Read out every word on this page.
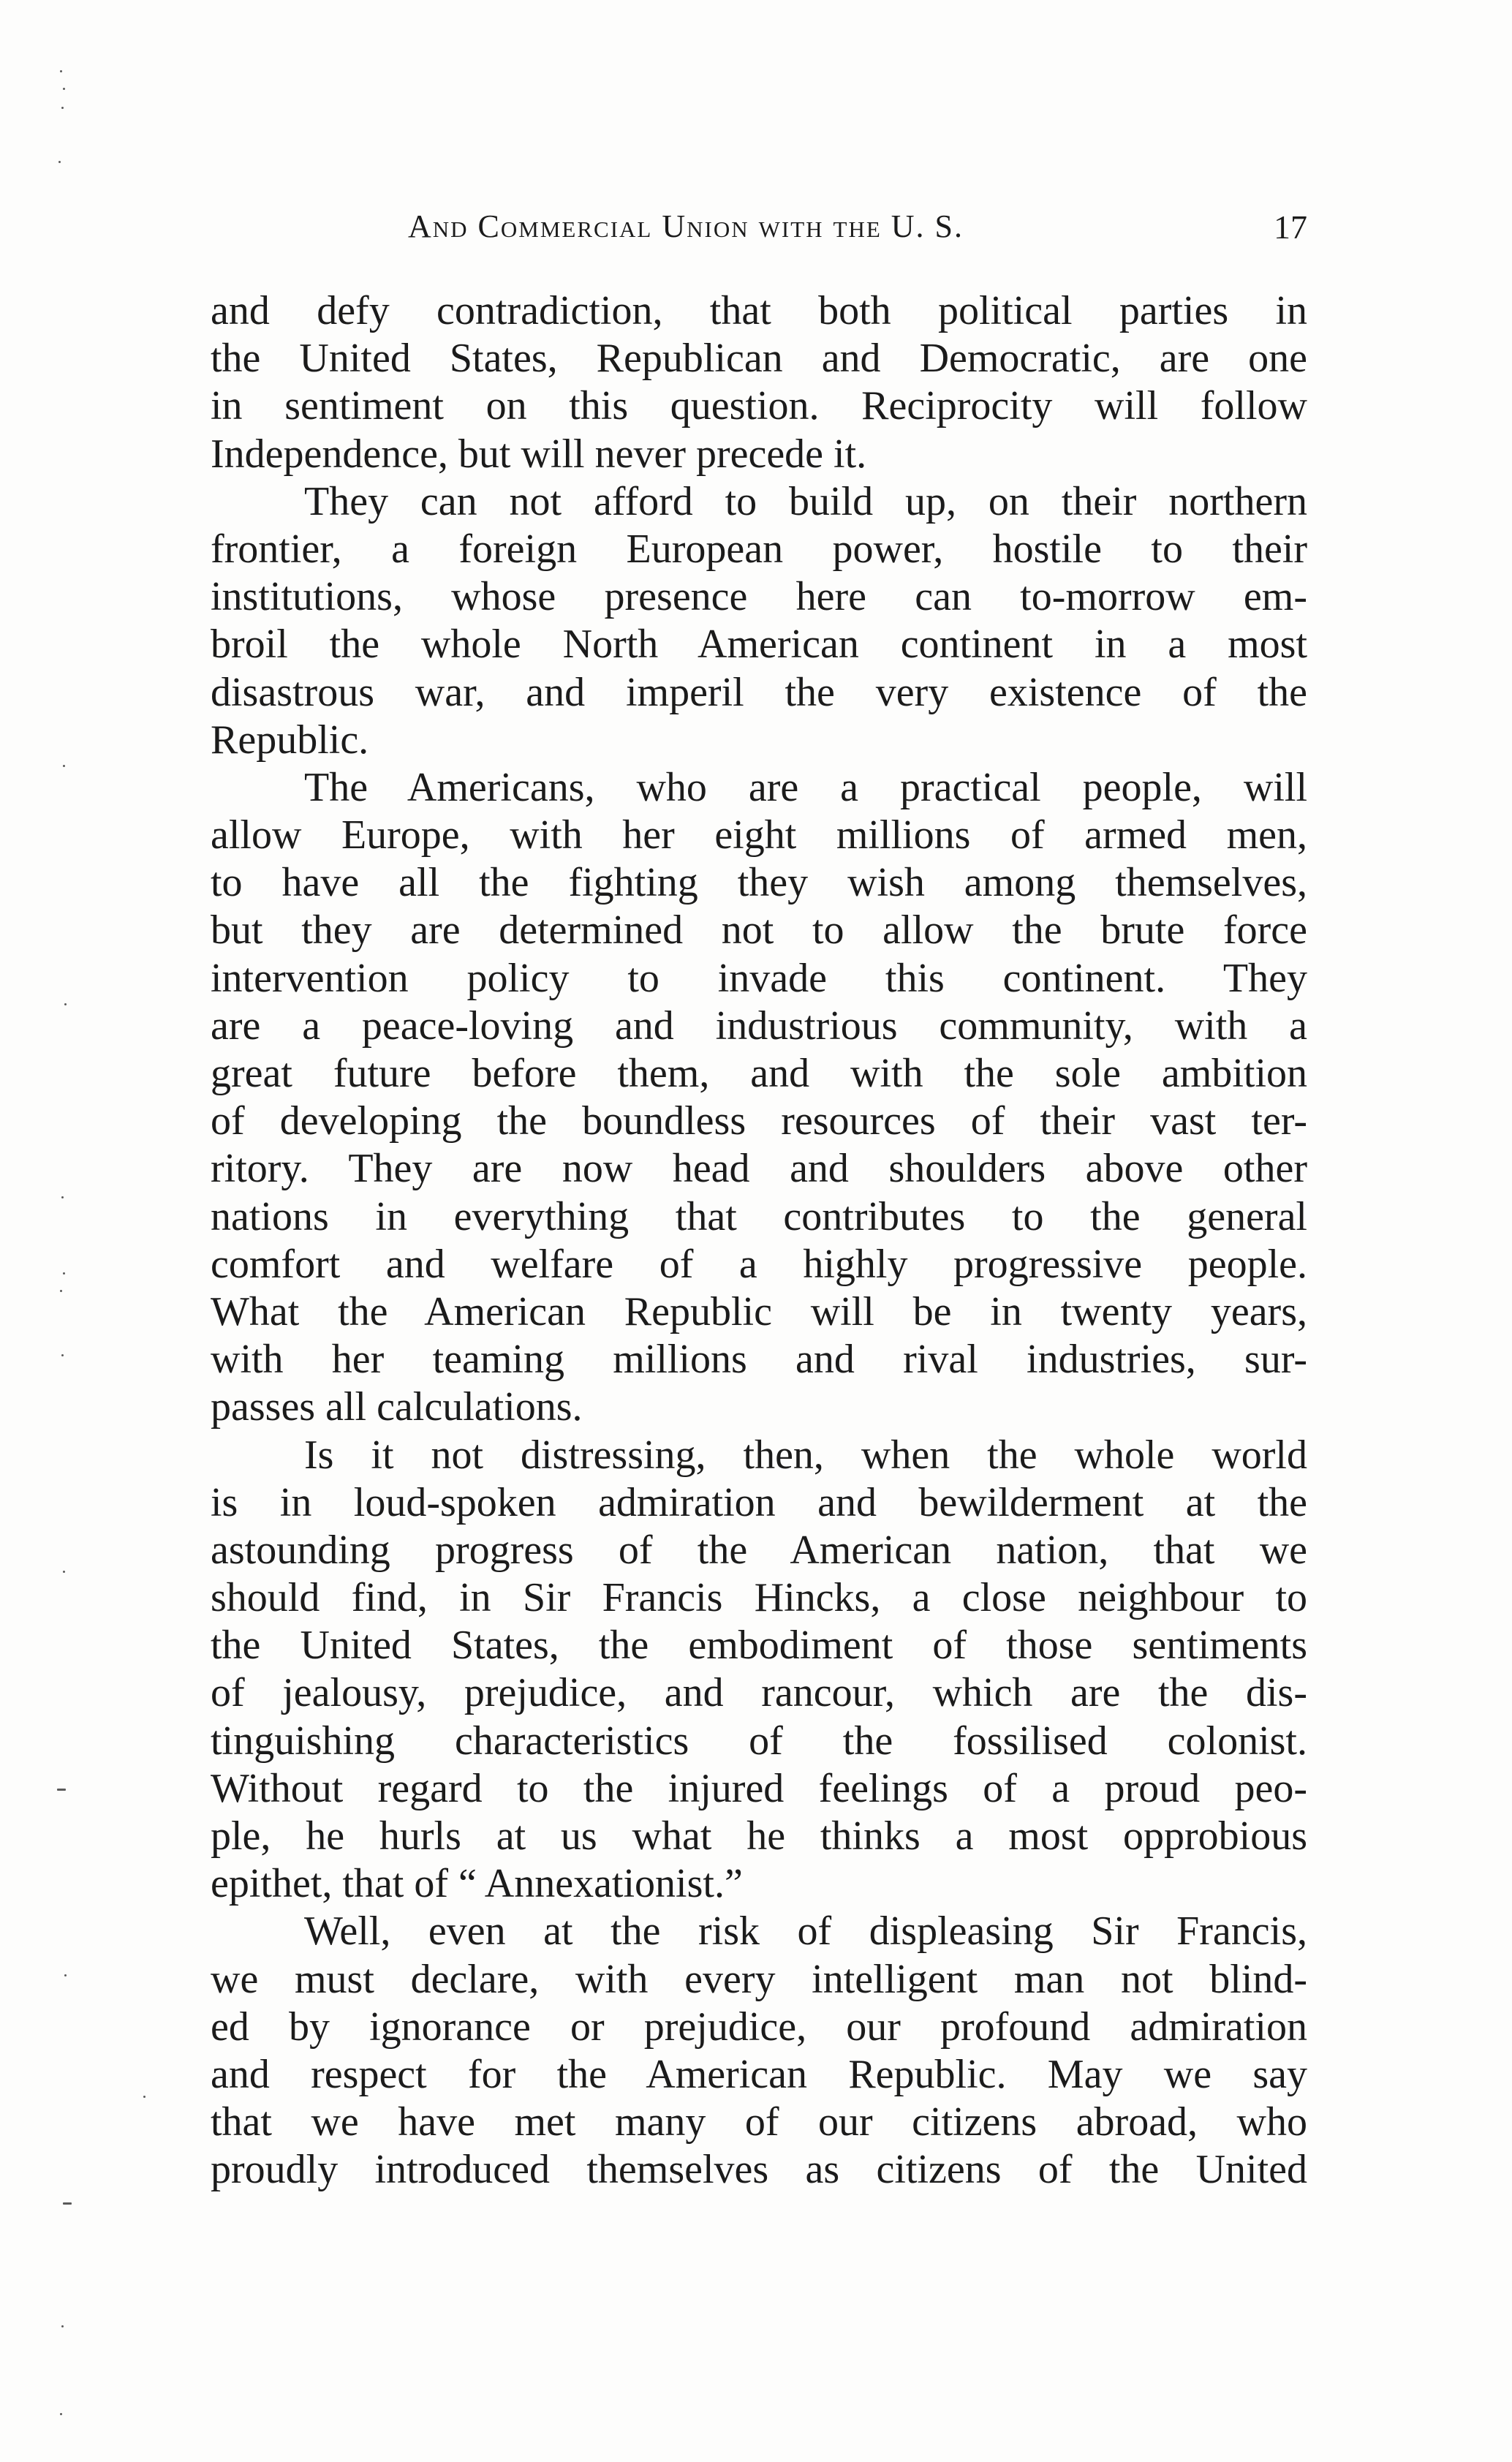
And Commercial Union with the U. S.	17
and defy contradiction, that both political parties in
the United States, Republican and Democratic, are one
in sentiment on this question. Reciprocity will follow
Independence, but will never precede it.
They can not afford to build up, on their northern
frontier, a foreign European power, hostile to their
institutions, whose presence here can to-morrow em-
broil the whole North American continent in a most
disastrous war, and imperil the very existence of the
Republic.
The Americans, who are a practical people, will
allow Europe, with her eight millions of armed men,
to have all the fighting they wish among themselves,
but they are determined not to allow the brute force
intervention policy to invade this continent. They
are a peace-loving and industrious community, with a
great future before them, and with the sole ambition
of developing the boundless resources of their vast ter-
ritory. They are now head and shoulders above other
nations in everything that contributes to the general
comfort and welfare of a highly progressive people.
What the American Republic will be in twenty years,
with her teaming millions and rival industries, sur-
passes all calculations.
Is it not distressing, then, when the whole world
is in loud-spoken admiration and bewilderment at the
astounding progress of the American nation, that we
should find, in Sir Francis Hincks, a close neighbour to
the United States, the embodiment of those sentiments
of jealousy, prejudice, and rancour, which are the dis-
tinguishing characteristics of the fossilised colonist.
Without regard to the injured feelings of a proud peo-
ple, he hurls at us what he thinks a most opprobious
epithet, that of “ Annexationist.”
Well, even at the risk of displeasing Sir Francis,
we must declare, with every intelligent man not blind-
ed by ignorance or prejudice, our profound admiration
and respect for the American Republic. May we say
that we have met many of our citizens abroad, who
proudly introduced themselves as citizens of the United
